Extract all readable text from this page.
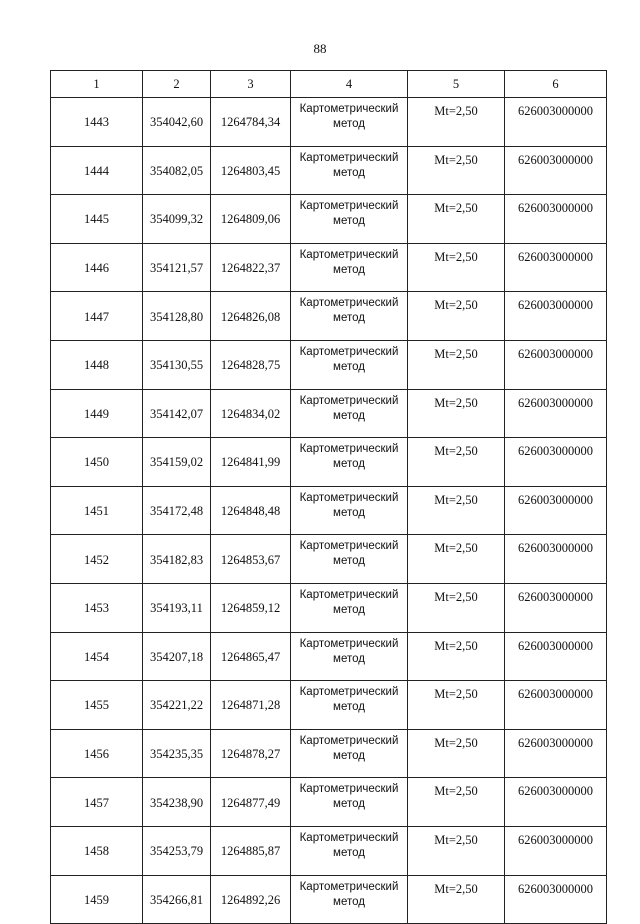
88
1	2	3	4	5	6
1443	354042,60	1264784,34	Картометрический метод	Mt=2,50	626003000000
1444	354082,05	1264803,45	Картометрический метод	Mt=2,50	626003000000
1445	354099,32	1264809,06	Картометрический метод	Mt=2,50	626003000000
1446	354121,57	1264822,37	Картометрический метод	Mt=2,50	626003000000
1447	354128,80	1264826,08	Картометрический метод	Mt=2,50	626003000000
1448	354130,55	1264828,75	Картометрический метод	Mt=2,50	626003000000
1449	354142,07	1264834,02	Картометрический метод	Mt=2,50	626003000000
1450	354159,02	1264841,99	Картометрический метод	Mt=2,50	626003000000
1451	354172,48	1264848,48	Картометрический метод	Mt=2,50	626003000000
1452	354182,83	1264853,67	Картометрический метод	Mt=2,50	626003000000
1453	354193,11	1264859,12	Картометрический метод	Mt=2,50	626003000000
1454	354207,18	1264865,47	Картометрический метод	Mt=2,50	626003000000
1455	354221,22	1264871,28	Картометрический метод	Mt=2,50	626003000000
1456	354235,35	1264878,27	Картометрический метод	Mt=2,50	626003000000
1457	354238,90	1264877,49	Картометрический метод	Mt=2,50	626003000000
1458	354253,79	1264885,87	Картометрический метод	Mt=2,50	626003000000
1459	354266,81	1264892,26	Картометрический метод	Mt=2,50	626003000000
